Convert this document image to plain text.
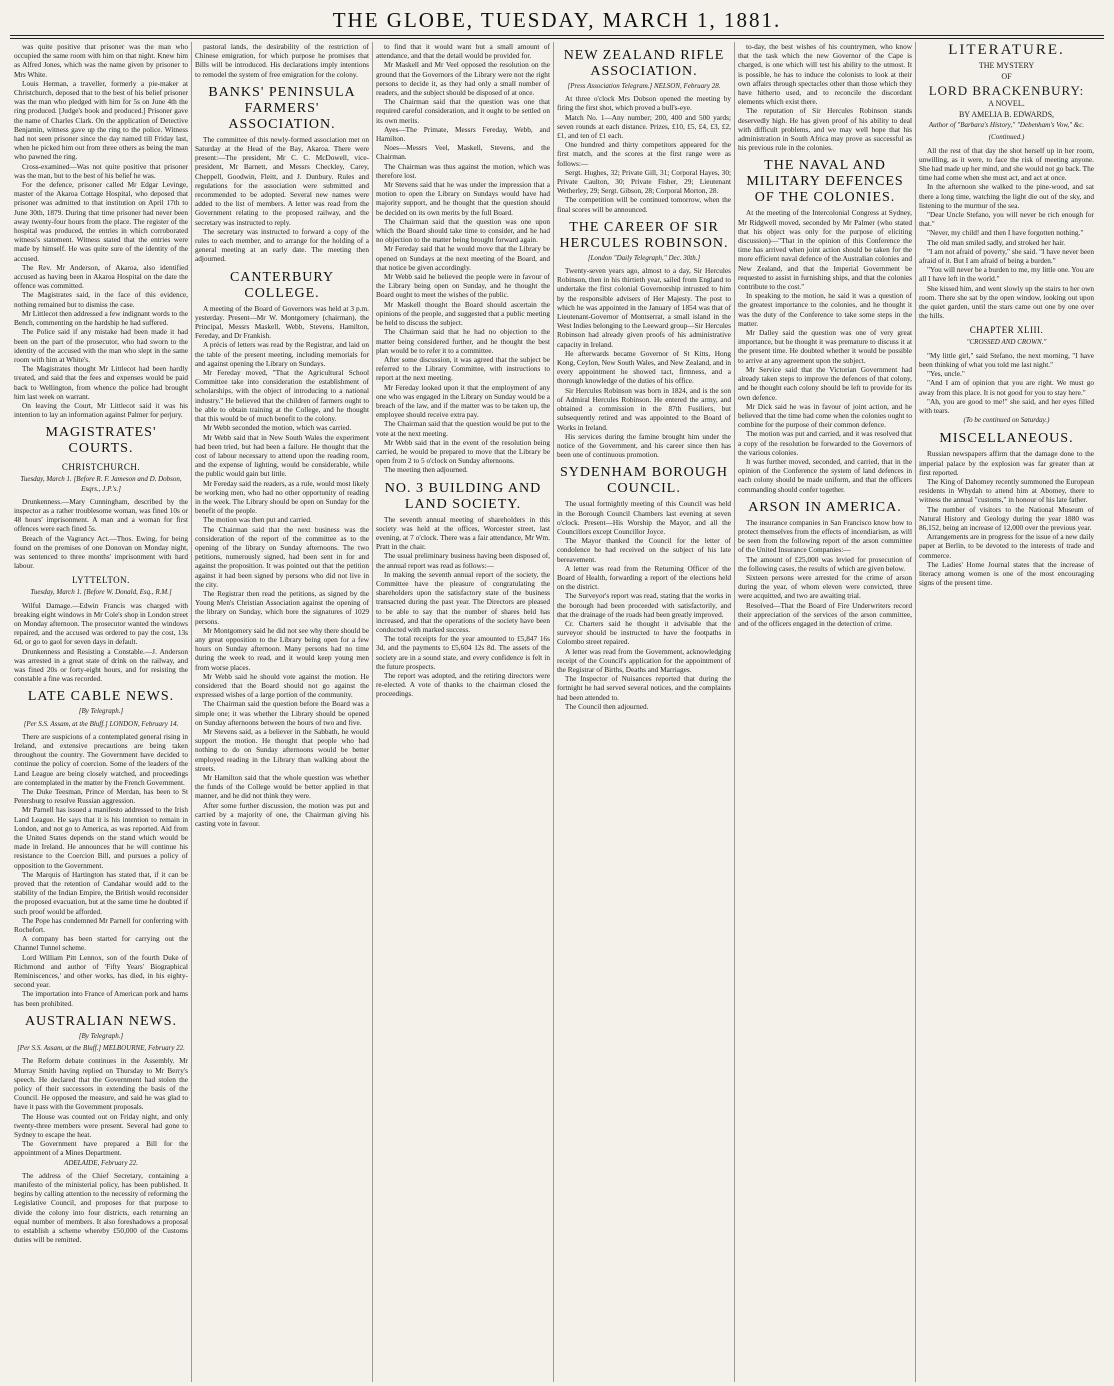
THE GLOBE, TUESDAY, MARCH 1, 1881.

was quite positive that prisoner was the man who occupied the same room with him on that night. Knew him as Alfred Jones, which was the name given by prisoner to Mrs White.

Louis Herman, a traveller, formerly a pie-maker at Christchurch, deposed that to the best of his belief prisoner was the man who pledged with him for 5s on June 4th the ring produced. [Judge's book and produced.] Prisoner gave the name of Charles Clark. On the application of Detective Benjamin, witness gave up the ring to the police. Witness had not seen prisoner since the day named till Friday last, when he picked him out from three others as being the man who pawned the ring.

Cross-examined—Was not quite positive that prisoner was the man, but to the best of his belief he was.

For the defence, prisoner called Mr Edgar Levinge, master of the Akaroa Cottage Hospital, who deposed that prisoner was admitted to that institution on April 17th to June 30th, 1879. During that time prisoner had never been away twenty-four hours from the place. The register of the hospital was produced, the entries in which corroborated witness's statement. Witness stated that the entries were made by himself. He was quite sure of the identity of the accused.

The Rev. Mr Anderson, of Akaroa, also identified accused as having been in Akaroa Hospital on the date the offence was committed.

The Magistrates said, in the face of this evidence, nothing remained but to dismiss the case.

Mr Littlecot then addressed a few indignant words to the Bench, commenting on the hardship he had suffered.

The Police said if any mistake had been made it had been on the part of the prosecutor, who had sworn to the identity of the accused with the man who slept in the same room with him at White's.

The Magistrates thought Mr Littlecot had been hardly treated, and said that the fees and expenses would be paid back to Wellington, from whence the police had brought him last week on warrant.

On leaving the Court, Mr Littlecot said it was his intention to lay an information against Palmer for perjury.

MAGISTRATES' COURTS.
CHRISTCHURCH.
Tuesday, March 1. [Before R. F. Jameson and D. Dobson, Esqrs., J.P.'s.]

Drunkenness.—Mary Cunningham, described by the inspector as a rather troublesome woman, was fined 10s or 48 hours' imprisonment. A man and a woman for first offences were each fined 5s.

Breach of the Vagrancy Act.—Thos. Ewing, for being found on the premises of one Donovan on Monday night, was sentenced to three months' imprisonment with hard labour.

LYTTELTON.
Tuesday, March 1. [Before W. Donald, Esq., R.M.]

Wilful Damage.—Edwin Francis was charged with breaking eight windows in Mr Cole's shop in London street on Monday afternoon. The prosecutor wanted the windows repaired, and the accused was ordered to pay the cost, 13s 6d, or go to gaol for seven days in default.

Drunkenness and Resisting a Constable.—J. Anderson was arrested in a great state of drink on the railway, and was fined 20s or forty-eight hours, and for resisting the constable a fine was recorded.

LATE CABLE NEWS.
[By Telegraph.]
[Per S.S. Assam, at the Bluff.] LONDON, February 14.

There are suspicions of a contemplated general rising in Ireland, and extensive precautions are being taken throughout the country. The Government have decided to continue the policy of coercion. Some of the leaders of the Land League are being closely watched, and proceedings are contemplated in the matter by the French Government.

The Duke Teesman, Prince of Merdan, has been to St Petersburg to resolve Russian aggression.

Mr Parnell has issued a manifesto addressed to the Irish Land League. He says that it is his intention to remain in London, and not go to America, as was reported. Aid from the United States depends on the stand which would be made in Ireland. He announces that he will continue his resistance to the Coercion Bill, and pursues a policy of opposition to the Government.

The Marquis of Hartington has stated that, if it can be proved that the retention of Candahar would add to the stability of the Indian Empire, the British would reconsider the proposed evacuation, but at the same time he doubted if such proof would be afforded.

The Pope has condemned Mr Parnell for conferring with Rochefort.

A company has been started for carrying out the Channel Tunnel scheme.

Lord William Pitt Lennox, son of the fourth Duke of Richmond and author of 'Fifty Years' Biographical Reminiscences,' and other works, has died, in his eighty-second year.

The importation into France of American pork and hams has been prohibited.

AUSTRALIAN NEWS.
[By Telegraph.]
[Per S.S. Assam, at the Bluff.] MELBOURNE, February 22.

The Reform debate continues in the Assembly. Mr Murray Smith having replied on Thursday to Mr Berry's speech. He declared that the Government had stolen the policy of their successors in extending the basis of the Council. He opposed the measure, and said he was glad to have it pass with the Government proposals.

The House was counted out on Friday night, and only twenty-three members were present. Several had gone to Sydney to escape the heat.

The Government have prepared a Bill for the appointment of a Mines Department.

ADELAIDE, February 22.

The address of the Chief Secretary, containing a manifesto of the ministerial policy, has been published. It begins by calling attention to the necessity of reforming the Legislative Council, and proposes for that purpose to divide the colony into four districts, each returning an equal number of members. It also foreshadows a proposal to establish a scheme whereby £50,000 of the Customs duties will be remitted.

pastoral lands, the desirability of the restriction of Chinese emigration, for which purpose he promises that Bills will be introduced. His declarations imply intentions to remodel the system of free emigration for the colony.

BANKS' PENINSULA FARMERS' ASSOCIATION.

The committee of this newly-formed association met on Saturday at the Head of the Bay, Akaroa. There were present:—The president, Mr C. C. McDowell, vice-president, Mr Barnett, and Messrs Checkley, Carey, Cheppell, Goodwin, Fleitt, and J. Dunbury. Rules and regulations for the association were submitted and recommended to be adopted. Several new names were added to the list of members. A letter was read from the Government relating to the proposed railway, and the secretary was instructed to reply.

The secretary was instructed to forward a copy of the rules to each member, and to arrange for the holding of a general meeting at an early date. The meeting then adjourned.

CANTERBURY COLLEGE.

A meeting of the Board of Governors was held at 3 p.m. yesterday. Present—Mr W. Montgomery (chairman), the Principal, Messrs Maskell, Webb, Stevens, Hamilton, Fereday, and Dr Frankish.

A précis of letters was read by the Registrar, and laid on the table of the present meeting, including memorials for and against opening the Library on Sundays.

Mr Fereday moved, "That the Agricultural School Committee take into consideration the establishment of scholarships, with the object of introducing to a national industry." He believed that the children of farmers ought to be able to obtain training at the College, and he thought that this would be of much benefit to the colony.

Mr Webb seconded the motion, which was carried.

Mr Webb said that in New South Wales the experiment had been tried, but had been a failure. He thought that the cost of labour necessary to attend upon the reading room, and the expense of lighting, would be considerable, while the public would gain but little.

Mr Fereday said the readers, as a rule, would most likely be working men, who had no other opportunity of reading in the week. The Library should be open on Sunday for the benefit of the people.

The motion was then put and carried.

The Chairman said that the next business was the consideration of the report of the committee as to the opening of the library on Sunday afternoons. The two petitions, numerously signed, had been sent in for and against the proposition. It was pointed out that the petition against it had been signed by persons who did not live in the city.

The Registrar then read the petitions, as signed by the Young Men's Christian Association against the opening of the library on Sunday, which bore the signatures of 1029 persons.

Mr Montgomery said he did not see why there should be any great opposition to the Library being open for a few hours on Sunday afternoon. Many persons had no time during the week to read, and it would keep young men from worse places.

Mr Webb said he should vote against the motion. He considered that the Board should not go against the expressed wishes of a large portion of the community.

The Chairman said the question before the Board was a simple one; it was whether the Library should be opened on Sunday afternoons between the hours of two and five.

Mr Stevens said, as a believer in the Sabbath, he would support the motion. He thought that people who had nothing to do on Sunday afternoons would be better employed reading in the Library than walking about the streets.

Mr Hamilton said that the whole question was whether the funds of the College would be better applied in that manner, and he did not think they were.

After some further discussion, the motion was put and carried by a majority of one, the Chairman giving his casting vote in favour.

to find that it would want but a small amount of attendance, and that the detail would be provided for.

Mr Maskell and Mr Veel opposed the resolution on the ground that the Governors of the Library were not the right persons to decide it, as they had only a small number of readers, and the subject should be disposed of at once.

The Chairman said that the question was one that required careful consideration, and it ought to be settled on its own merits.

Ayes—The Primate, Messrs Fereday, Webb, and Hamilton.

Noes—Messrs Veel, Maskell, Stevens, and the Chairman.

The Chairman was thus against the motion, which was therefore lost.

Mr Stevens said that he was under the impression that a motion to open the Library on Sundays would have had majority support, and he thought that the question should be decided on its own merits by the full Board.

The Chairman said that the question was one upon which the Board should take time to consider, and he had no objection to the matter being brought forward again.

Mr Fereday said that he would move that the Library be opened on Sundays at the next meeting of the Board, and that notice be given accordingly.

Mr Webb said he believed the people were in favour of the Library being open on Sunday, and he thought the Board ought to meet the wishes of the public.

Mr Maskell thought the Board should ascertain the opinions of the people, and suggested that a public meeting be held to discuss the subject.

The Chairman said that he had no objection to the matter being considered further, and he thought the best plan would be to refer it to a committee.

After some discussion, it was agreed that the subject be referred to the Library Committee, with instructions to report at the next meeting.

Mr Fereday looked upon it that the employment of any one who was engaged in the Library on Sunday would be a breach of the law, and if the matter was to be taken up, the employee should receive extra pay.

The Chairman said that the question would be put to the vote at the next meeting.

Mr Webb said that in the event of the resolution being carried, he would be prepared to move that the Library be open from 2 to 5 o'clock on Sunday afternoons.

The meeting then adjourned.

NO. 3 BUILDING AND LAND SOCIETY.

The seventh annual meeting of shareholders in this society was held at the offices, Worcester street, last evening, at 7 o'clock. There was a fair attendance, Mr Wm. Pratt in the chair.

The usual preliminary business having been disposed of, the annual report was read as follows:—

In making the seventh annual report of the society, the Committee have the pleasure of congratulating the shareholders upon the satisfactory state of the business transacted during the past year. The Directors are pleased to be able to say that the number of shares held has increased, and that the operations of the society have been conducted with marked success.

The total receipts for the year amounted to £5,847 16s 3d, and the payments to £5,604 12s 8d. The assets of the society are in a sound state, and every confidence is felt in the future prospects.

The report was adopted, and the retiring directors were re-elected. A vote of thanks to the chairman closed the proceedings.

NEW ZEALAND RIFLE ASSOCIATION.
[Press Association Telegram.] NELSON, February 28.

At three o'clock Mrs Dobson opened the meeting by firing the first shot, which proved a bull's-eye.

Match No. 1—Any number; 200, 400 and 500 yards; seven rounds at each distance. Prizes, £10, £5, £4, £3, £2, £1, and ten of £1 each.

One hundred and thirty competitors appeared for the first match, and the scores at the first range were as follows:—

Sergt. Hughes, 32; Private Gill, 31; Corporal Hayes, 30; Private Caulton, 30; Private Fisher, 29; Lieutenant Wetherley, 29; Sergt. Gibson, 28; Corporal Morton, 28.

The competition will be continued tomorrow, when the final scores will be announced.

THE CAREER OF SIR HERCULES ROBINSON.
[London "Daily Telegraph," Dec. 30th.]

Twenty-seven years ago, almost to a day, Sir Hercules Robinson, then in his thirtieth year, sailed from England to undertake the first colonial Governorship intrusted to him by the responsible advisers of Her Majesty. The post to which he was appointed in the January of 1854 was that of Lieutenant-Governor of Montserrat, a small island in the West Indies belonging to the Leeward group—Sir Hercules Robinson had already given proofs of his administrative capacity in Ireland.

He afterwards became Governor of St Kitts, Hong Kong, Ceylon, New South Wales, and New Zealand, and in every appointment he showed tact, firmness, and a thorough knowledge of the duties of his office.

Sir Hercules Robinson was born in 1824, and is the son of Admiral Hercules Robinson. He entered the army, and obtained a commission in the 87th Fusiliers, but subsequently retired and was appointed to the Board of Works in Ireland.

His services during the famine brought him under the notice of the Government, and his career since then has been one of continuous promotion.

SYDENHAM BOROUGH COUNCIL.

The usual fortnightly meeting of this Council was held in the Borough Council Chambers last evening at seven o'clock. Present—His Worship the Mayor, and all the Councillors except Councillor Joyce.

The Mayor thanked the Council for the letter of condolence he had received on the subject of his late bereavement.

A letter was read from the Returning Officer of the Board of Health, forwarding a report of the elections held on the district.

The Surveyor's report was read, stating that the works in the borough had been proceeded with satisfactorily, and that the drainage of the roads had been greatly improved.

Cr. Charters said he thought it advisable that the surveyor should be instructed to have the footpaths in Colombo street repaired.

A letter was read from the Government, acknowledging receipt of the Council's application for the appointment of the Registrar of Births, Deaths and Marriages.

The Inspector of Nuisances reported that during the fortnight he had served several notices, and the complaints had been attended to.

The Council then adjourned.

to-day, the best wishes of his countrymen, who know that the task which the new Governor of the Cape is charged, is one which will test his ability to the utmost. It is possible, he has to induce the colonists to look at their own affairs through spectacles other than those which they have hitherto used, and to reconcile the discordant elements which exist there.

The reputation of Sir Hercules Robinson stands deservedly high. He has given proof of his ability to deal with difficult problems, and we may well hope that his administration in South Africa may prove as successful as his previous rule in the colonies.

THE NAVAL AND MILITARY DEFENCES OF THE COLONIES.

At the meeting of the Intercolonial Congress at Sydney, Mr Ridgwell moved, seconded by Mr Palmer (who stated that his object was only for the purpose of eliciting discussion)—"That in the opinion of this Conference the time has arrived when joint action should be taken for the more efficient naval defence of the Australian colonies and New Zealand, and that the Imperial Government be requested to assist in furnishing ships, and that the colonies contribute to the cost."

In speaking to the motion, he said it was a question of the greatest importance to the colonies, and he thought it was the duty of the Conference to take some steps in the matter.

Mr Dalley said the question was one of very great importance, but he thought it was premature to discuss it at the present time. He doubted whether it would be possible to arrive at any agreement upon the subject.

Mr Service said that the Victorian Government had already taken steps to improve the defences of that colony, and he thought each colony should be left to provide for its own defence.

Mr Dick said he was in favour of joint action, and he believed that the time had come when the colonies ought to combine for the purpose of their common defence.

The motion was put and carried, and it was resolved that a copy of the resolution be forwarded to the Governors of the various colonies.

It was further moved, seconded, and carried, that in the opinion of the Conference the system of land defences in each colony should be made uniform, and that the officers commanding should confer together.

ARSON IN AMERICA.

The insurance companies in San Francisco know how to protect themselves from the effects of incendiarism, as will be seen from the following report of the arson committee of the United Insurance Companies:—

The amount of £25,000 was levied for prosecution of the following cases, the results of which are given below.

Sixteen persons were arrested for the crime of arson during the year, of whom eleven were convicted, three were acquitted, and two are awaiting trial.

Resolved—That the Board of Fire Underwriters record their appreciation of the services of the arson committee, and of the officers engaged in the detection of crime.

LITERATURE.
THE MYSTERY
OF
LORD BRACKENBURY:
A NOVEL.
BY AMELIA B. EDWARDS,
Author of "Barbara's History," "Debenham's Vow," &c.
(Continued.)

All the rest of that day the shot herself up in her room, unwilling, as it were, to face the risk of meeting anyone. She had made up her mind, and she would not go back. The time had come when she must act, and act at once.

In the afternoon she walked to the pine-wood, and sat there a long time, watching the light die out of the sky, and listening to the murmur of the sea.

"Dear Uncle Stefano, you will never be rich enough for that."

"Never, my child! and then I have forgotten nothing."

The old man smiled sadly, and stroked her hair.

"I am not afraid of poverty," she said. "I have never been afraid of it. But I am afraid of being a burden."

"You will never be a burden to me, my little one. You are all I have left in the world."

She kissed him, and went slowly up the stairs to her own room. There she sat by the open window, looking out upon the quiet garden, until the stars came out one by one over the hills.

CHAPTER XLIII.
"CROSSED AND CROWN."

"My little girl," said Stefano, the next morning, "I have been thinking of what you told me last night."

"Yes, uncle."

"And I am of opinion that you are right. We must go away from this place. It is not good for you to stay here."

"Ah, you are good to me!" she said, and her eyes filled with tears.

(To be continued on Saturday.)
MISCELLANEOUS.

Russian newspapers affirm that the damage done to the imperial palace by the explosion was far greater than at first reported.

The King of Dahomey recently summoned the European residents in Whydah to attend him at Abomey, there to witness the annual "customs," in honour of his late father.

The number of visitors to the National Museum of Natural History and Geology during the year 1880 was 86,152, being an increase of 12,000 over the previous year.

Arrangements are in progress for the issue of a new daily paper at Berlin, to be devoted to the interests of trade and commerce.

The Ladies' Home Journal states that the increase of literacy among women is one of the most encouraging signs of the present time.
